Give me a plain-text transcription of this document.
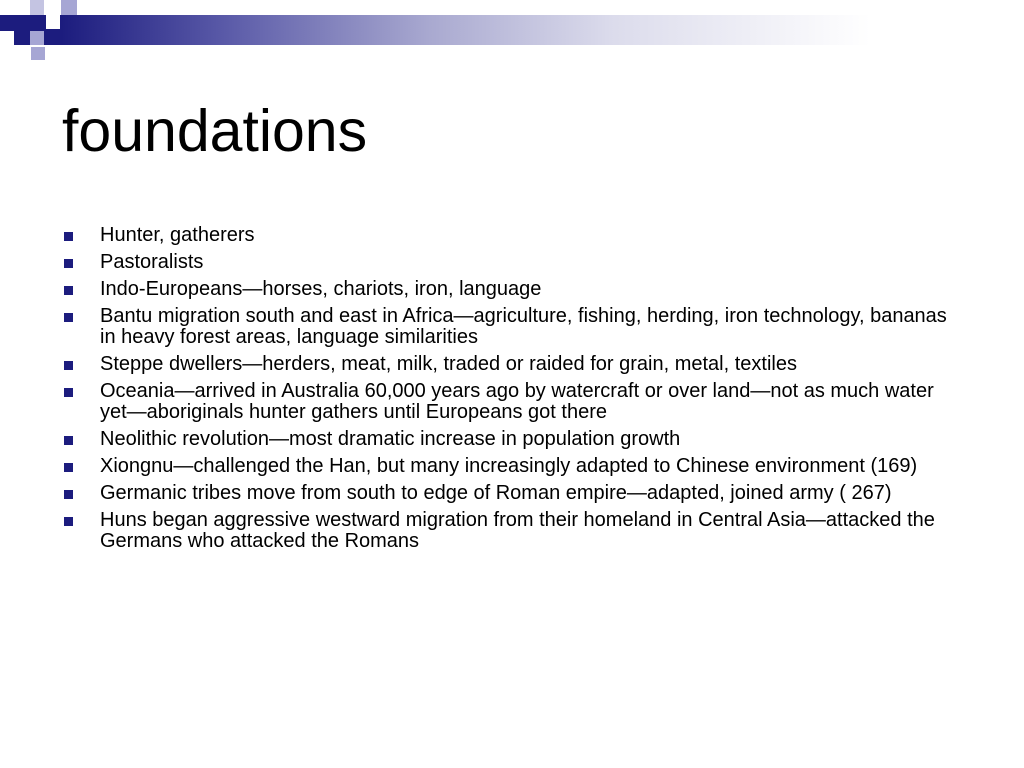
foundations
Hunter, gatherers
Pastoralists
Indo-Europeans—horses, chariots, iron, language
Bantu migration south and east in Africa—agriculture, fishing, herding, iron technology, bananas in heavy forest areas, language similarities
Steppe dwellers—herders, meat, milk, traded or raided for grain, metal, textiles
Oceania—arrived in Australia 60,000 years ago by watercraft or over land—not as much water yet—aboriginals hunter gathers until Europeans got there
Neolithic revolution—most dramatic increase in population growth
Xiongnu—challenged the Han, but many increasingly adapted to Chinese environment (169)
Germanic tribes move from south to edge of Roman empire—adapted, joined army ( 267)
Huns began aggressive westward migration from their homeland in Central Asia—attacked the Germans who attacked the Romans
